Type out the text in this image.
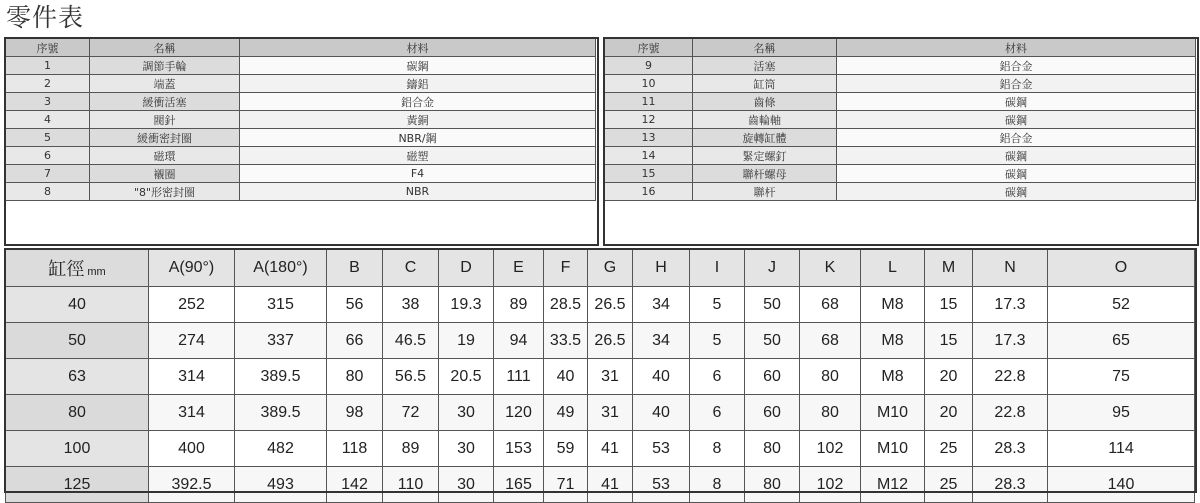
零件表
序號	名稱	材料
1	調節手輪	碳鋼
2	端蓋	鑄鋁
3	緩衝活塞	鋁合金
4	閥針	黃銅
5	緩衝密封圈	NBR/鋼
6	磁環	磁塑
7	襯圈	F4
8	"8"形密封圈	NBR
序號	名稱	材料
9	活塞	鋁合金
10	缸筒	鋁合金
11	齒條	碳鋼
12	齒輪軸	碳鋼
13	旋轉缸體	鋁合金
14	緊定螺釘	碳鋼
15	聯杆螺母	碳鋼
16	聯杆	碳鋼
缸徑 mm	A(90°)	A(180°)	B	C	D	E	F	G	H	I	J	K	L	M	N	O
40	252	315	56	38	19.3	89	28.5	26.5	34	5	50	68	M8	15	17.3	52
50	274	337	66	46.5	19	94	33.5	26.5	34	5	50	68	M8	15	17.3	65
63	314	389.5	80	56.5	20.5	111	40	31	40	6	60	80	M8	20	22.8	75
80	314	389.5	98	72	30	120	49	31	40	6	60	80	M10	20	22.8	95
100	400	482	118	89	30	153	59	41	53	8	80	102	M10	25	28.3	114
125	392.5	493	142	110	30	165	71	41	53	8	80	102	M12	25	28.3	140
